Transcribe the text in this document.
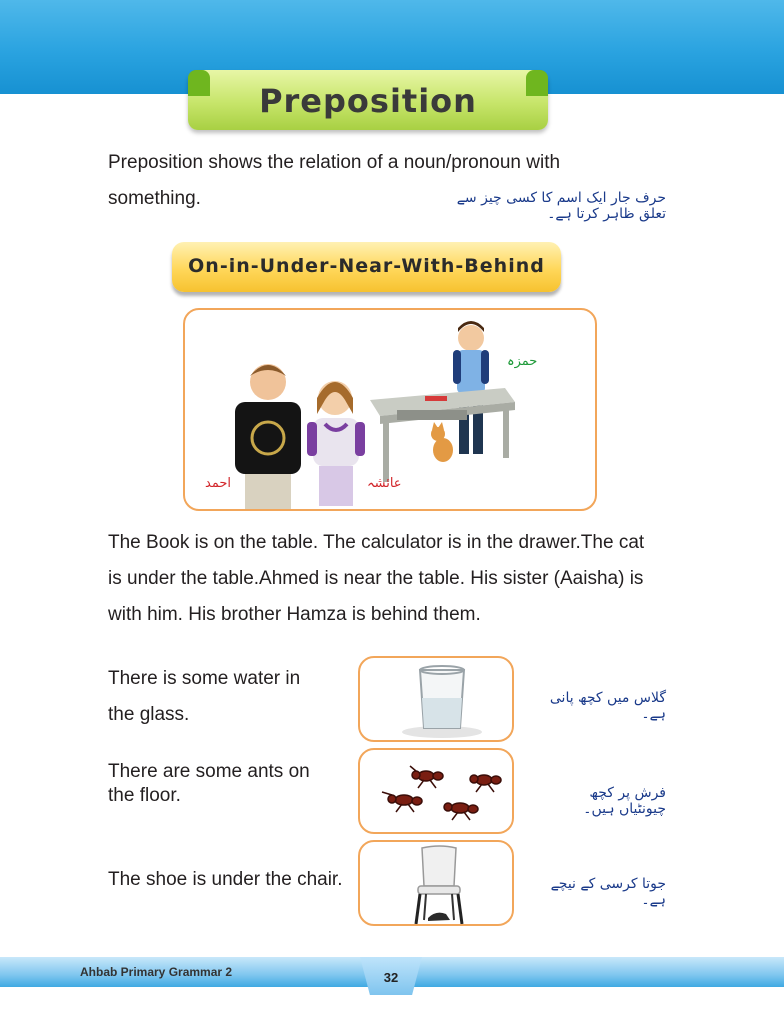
Preposition
Preposition shows the relation of a noun/pronoun with
something.	حرف جار ایک اسم کا کسی چیز سے تعلق ظاہر کرتا ہے۔
On-in-Under-Near-With-Behind
حمزہ
عائشہ
احمد
The Book is on the table. The calculator is in the drawer.The cat
is under the table.Ahmed is near the table. His sister (Aaisha) is
with him. His brother Hamza is behind them.
There is some water in
the glass.
گلاس میں کچھ پانی ہے۔
There are some ants on
the floor.	فرش پر کچھ چیونٹیاں ہیں۔
The shoe is under the chair.	جوتا کرسی کے نیچے ہے۔
Ahbab Primary Grammar 2	32
